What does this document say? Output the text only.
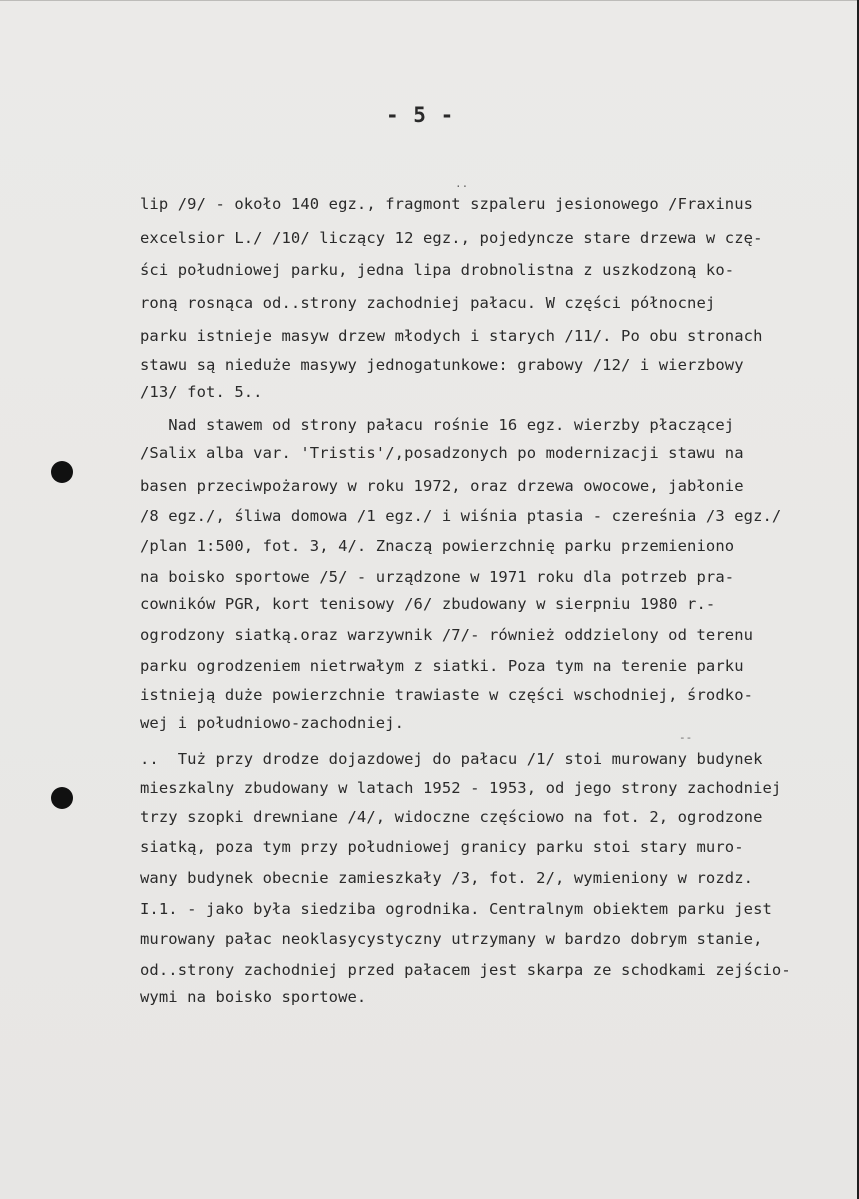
- 5 -
..
--
lip /9/ - około 140 egz., fragmont szpaleru jesionowego /Fraxinus
excelsior L./ /10/ liczący 12 egz., pojedyncze stare drzewa w czę-
ści południowej parku, jedna lipa drobnolistna z uszkodzoną ko-
roną rosnąca od..strony zachodniej pałacu. W części północnej
parku istnieje masyw drzew młodych i starych /11/. Po obu stronach
stawu są nieduże masywy jednogatunkowe: grabowy /12/ i wierzbowy
/13/ fot. 5..
Nad stawem od strony pałacu rośnie 16 egz. wierzby płaczącej
/Salix alba var. 'Tristis'/,posadzonych po modernizacji stawu na
basen przeciwpożarowy w roku 1972, oraz drzewa owocowe, jabłonie
/8 egz./, śliwa domowa /1 egz./ i wiśnia ptasia - czereśnia /3 egz./
/plan 1:500, fot. 3, 4/. Znaczą powierzchnię parku przemieniono
na boisko sportowe /5/ - urządzone w 1971 roku dla potrzeb pra-
cowników PGR, kort tenisowy /6/ zbudowany w sierpniu 1980 r.-
ogrodzony siatką.oraz warzywnik /7/- również oddzielony od terenu
parku ogrodzeniem nietrwałym z siatki. Poza tym na terenie parku
istnieją duże powierzchnie trawiaste w części wschodniej, środko-
wej i południowo-zachodniej.
..  Tuż przy drodze dojazdowej do pałacu /1/ stoi murowany budynek
mieszkalny zbudowany w latach 1952 - 1953, od jego strony zachodniej
trzy szopki drewniane /4/, widoczne częściowo na fot. 2, ogrodzone
siatką, poza tym przy południowej granicy parku stoi stary muro-
wany budynek obecnie zamieszkały /3, fot. 2/, wymieniony w rozdz.
I.1. - jako była siedziba ogrodnika. Centralnym obiektem parku jest
murowany pałac neoklasycystyczny utrzymany w bardzo dobrym stanie,
od..strony zachodniej przed pałacem jest skarpa ze schodkami zejścio-
wymi na boisko sportowe.
